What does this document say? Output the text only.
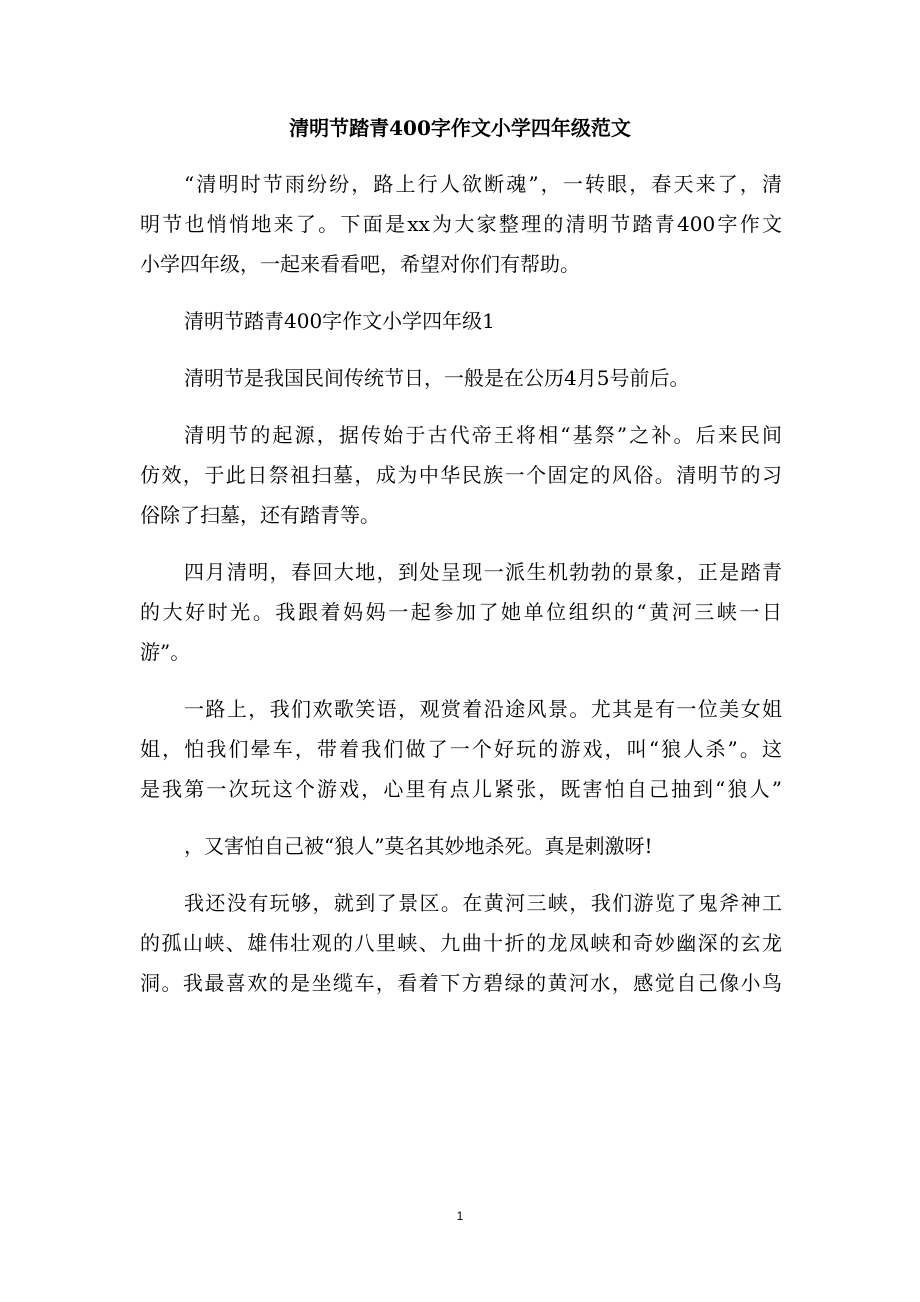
清明节踏青400字作文小学四年级范文
“清明时节雨纷纷，路上行人欲断魂”，一转眼，春天来了，清
明节也悄悄地来了。下面是xx为大家整理的清明节踏青400字作文
小学四年级，一起来看看吧，希望对你们有帮助。
清明节踏青400字作文小学四年级1
清明节是我国民间传统节日，一般是在公历4月5号前后。
清明节的起源，据传始于古代帝王将相“基祭”之补。后来民间
仿效，于此日祭祖扫墓，成为中华民族一个固定的风俗。清明节的习
俗除了扫墓，还有踏青等。
四月清明，春回大地，到处呈现一派生机勃勃的景象，正是踏青
的大好时光。我跟着妈妈一起参加了她单位组织的“黄河三峡一日
游”。
一路上，我们欢歌笑语，观赏着沿途风景。尤其是有一位美女姐
姐，怕我们晕车，带着我们做了一个好玩的游戏，叫“狼人杀”。这
是我第一次玩这个游戏，心里有点儿紧张，既害怕自己抽到“狼人”
，又害怕自己被“狼人”莫名其妙地杀死。真是刺激呀!
我还没有玩够，就到了景区。在黄河三峡，我们游览了鬼斧神工
的孤山峡、雄伟壮观的八里峡、九曲十折的龙凤峡和奇妙幽深的玄龙
洞。我最喜欢的是坐缆车，看着下方碧绿的黄河水，感觉自己像小鸟
1
